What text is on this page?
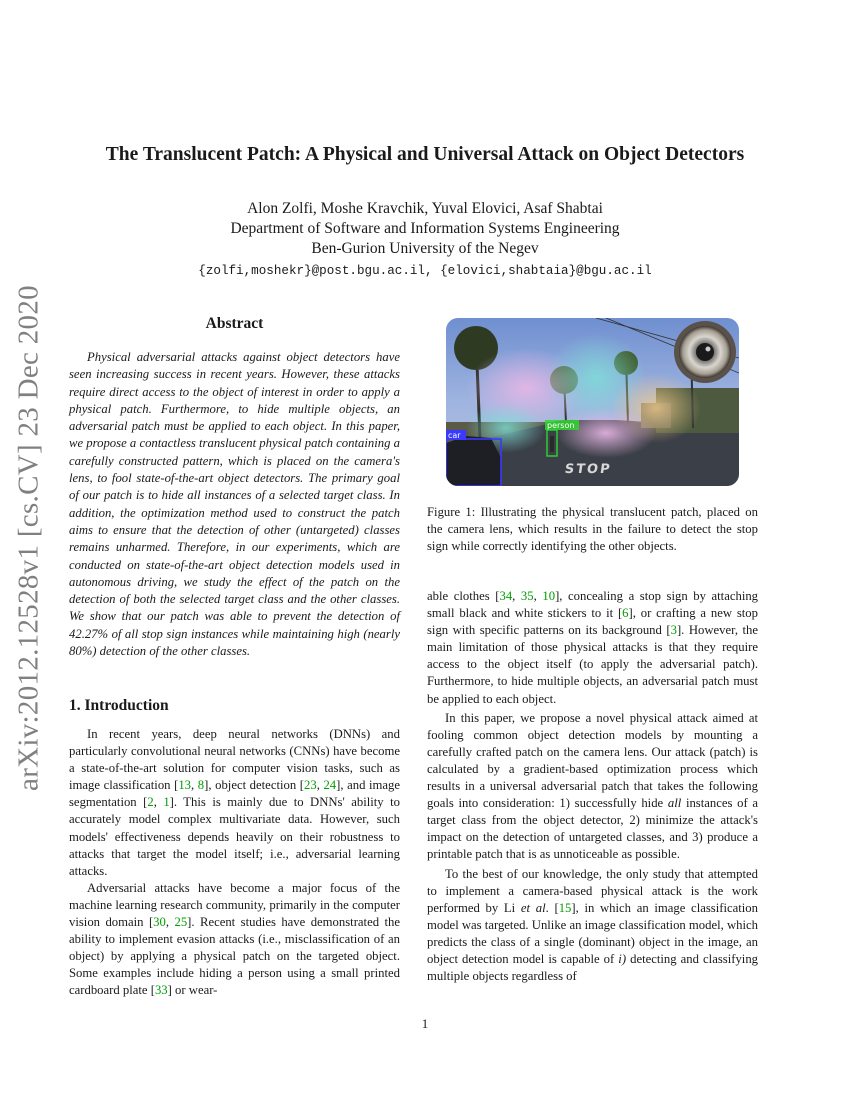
arXiv:2012.12528v1 [cs.CV] 23 Dec 2020
The Translucent Patch: A Physical and Universal Attack on Object Detectors
Alon Zolfi, Moshe Kravchik, Yuval Elovici, Asaf Shabtai
Department of Software and Information Systems Engineering
Ben-Gurion University of the Negev
{zolfi,moshekr}@post.bgu.ac.il, {elovici,shabtaia}@bgu.ac.il
Abstract
Physical adversarial attacks against object detectors have seen increasing success in recent years. However, these attacks require direct access to the object of interest in order to apply a physical patch. Furthermore, to hide multiple objects, an adversarial patch must be applied to each object. In this paper, we propose a contactless translucent physical patch containing a carefully constructed pattern, which is placed on the camera's lens, to fool state-of-the-art object detectors. The primary goal of our patch is to hide all instances of a selected target class. In addition, the optimization method used to construct the patch aims to ensure that the detection of other (untargeted) classes remains unharmed. Therefore, in our experiments, which are conducted on state-of-the-art object detection models used in autonomous driving, we study the effect of the patch on the detection of both the selected target class and the other classes. We show that our patch was able to prevent the detection of 42.27% of all stop sign instances while maintaining high (nearly 80%) detection of the other classes.
1. Introduction

In recent years, deep neural networks (DNNs) and particularly convolutional neural networks (CNNs) have become a state-of-the-art solution for computer vision tasks, such as image classification [13, 8], object detection [23, 24], and image segmentation [2, 1]. This is mainly due to DNNs' ability to accurately model complex multivariate data. However, such models' effectiveness depends heavily on their robustness to attacks that target the model itself; i.e., adversarial learning attacks.

Adversarial attacks have become a major focus of the machine learning research community, primarily in the computer vision domain [30, 25]. Recent studies have demonstrated the ability to implement evasion attacks (i.e., misclassification of an object) by applying a physical patch on the targeted object. Some examples include hiding a person using a small printed cardboard plate [33] or wear-

car
person
STOP
Figure 1: Illustrating the physical translucent patch, placed on the camera lens, which results in the failure to detect the stop sign while correctly identifying the other objects.

able clothes [34, 35, 10], concealing a stop sign by attaching small black and white stickers to it [6], or crafting a new stop sign with specific patterns on its background [3]. However, the main limitation of those physical attacks is that they require access to the object itself (to apply the adversarial patch). Furthermore, to hide multiple objects, an adversarial patch must be applied to each object.

In this paper, we propose a novel physical attack aimed at fooling common object detection models by mounting a carefully crafted patch on the camera lens. Our attack (patch) is calculated by a gradient-based optimization process which results in a universal adversarial patch that takes the following goals into consideration: 1) successfully hide all instances of a target class from the object detector, 2) minimize the attack's impact on the detection of untargeted classes, and 3) produce a printable patch that is as unnoticeable as possible.

To the best of our knowledge, the only study that attempted to implement a camera-based physical attack is the work performed by Li et al. [15], in which an image classification model was targeted. Unlike an image classification model, which predicts the class of a single (dominant) object in the image, an object detection model is capable of i) detecting and classifying multiple objects regardless of

1
